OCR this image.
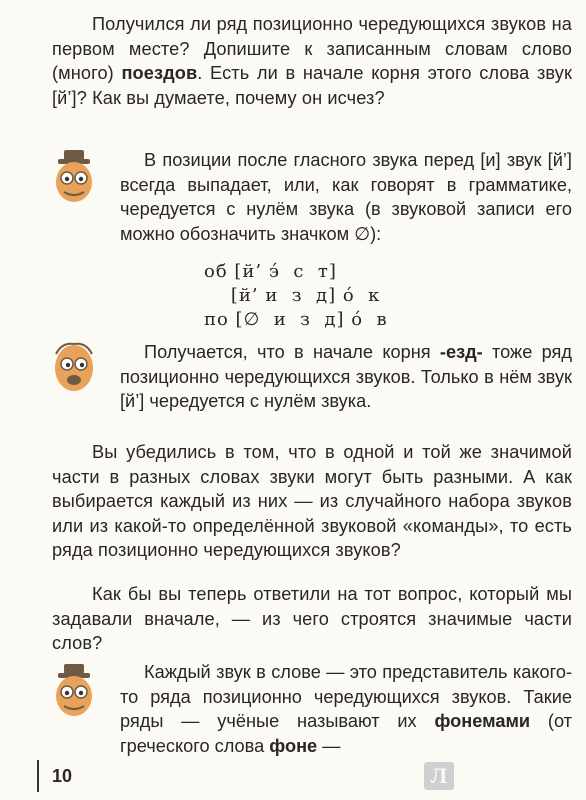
Получился ли ряд позиционно чередующихся звуков на первом месте? Допишите к записанным словам слово (много) поездов. Есть ли в начале корня этого слова звук [й’]? Как вы думаете, почему он исчез?
В позиции после гласного звука перед [и] звук [й’] всегда выпадает, или, как говорят в грамматике, чередуется с нулём звука (в звуковой записи его можно обозначить значком ∅):
об [й’ э́  с  т]
[й’ и  з  д] о́  к
по [∅  и  з  д] о́  в
Получается, что в начале корня -езд- тоже ряд позиционно чередующихся звуков. Только в нём звук [й’] чередуется с нулём звука.
Вы убедились в том, что в одной и той же значимой части в разных словах звуки могут быть разными. А как выбирается каждый из них — из случайного набора звуков или из какой-то определённой звуковой «команды», то есть ряда позиционно чередующихся звуков?
Как бы вы теперь ответили на тот вопрос, который мы задавали вначале, — из чего строятся значимые части слов?
Каждый звук в слове — это представитель какого-то ряда позиционно чередующихся звуков. Такие ряды — учёные называют их фонемами (от греческого слова фоне —
10	Л
